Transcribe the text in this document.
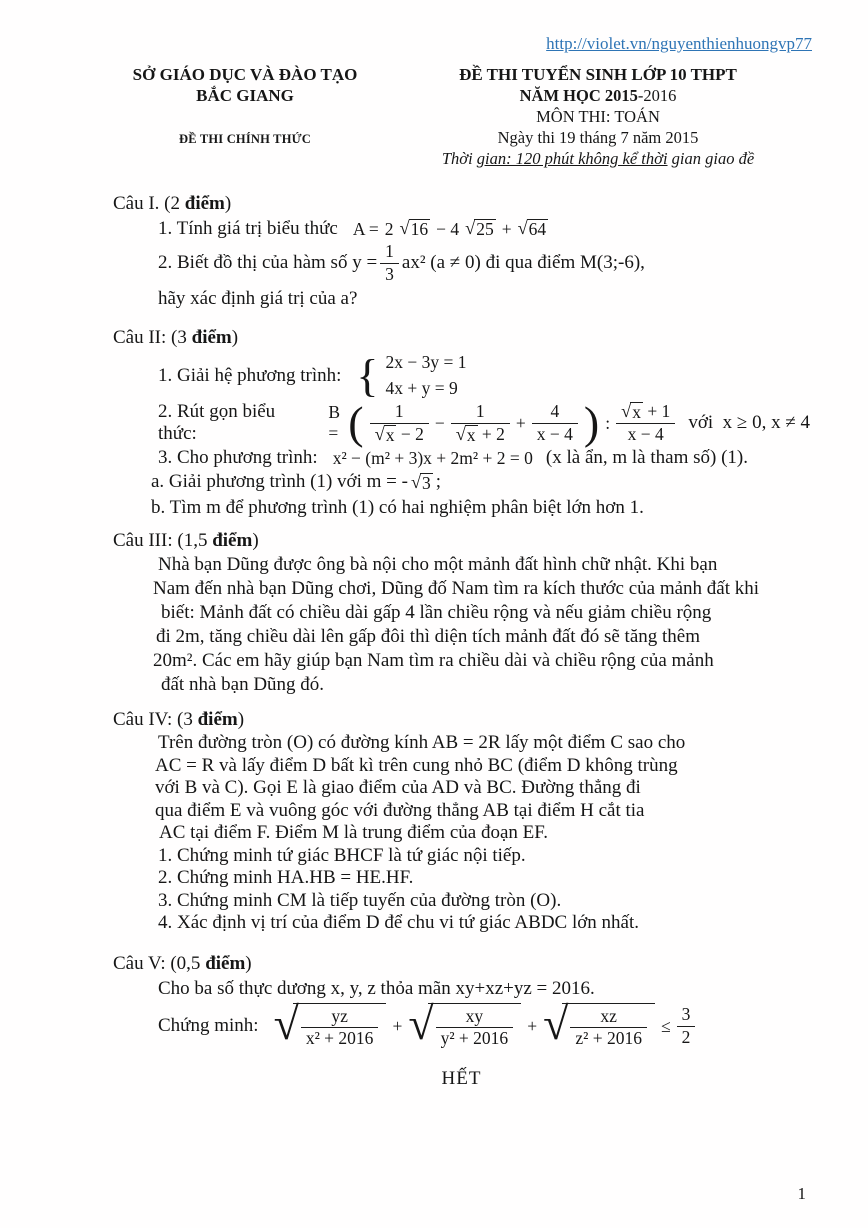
http://violet.vn/nguyenthienhuongvp77
SỞ GIÁO DỤC VÀ ĐÀO TẠO
BẮC GIANG
ĐỀ THI CHÍNH THỨC
ĐỀ THI TUYỂN SINH LỚP 10 THPT
NĂM HỌC 2015-2016
MÔN THI: TOÁN
Ngày thi 19 tháng 7 năm 2015
Thời gian: 120 phút không kể thời gian giao đề
Câu I. (2 điểm)
1. Tính giá trị biểu thức A = 2 √ 16 − 4 √ 25 + √ 64
2. Biết đồ thị của hàm số $y = \frac{1}{3} ax^2$ (a ≠ 0) đi qua điểm M(3;-6),
hãy xác định giá trị của a?
Câu II: (3 điểm)
1. Giải hệ phương trình: { 2x − 3y = 1
4x + y = 9
2. Rút gọn biểu thức:
B = ( $\frac{1}{√ x - 2} - \frac{1}{√ x + 2} + \frac{4}{x - 4}$ ) : $\frac{√ x + 1}{x - 4}$ với  x ≥ 0, x ≠ 4
3. Cho phương trình: x² − (m² + 3)x + 2m² + 2 = 0 (x là ẩn, m là tham số) (1).
a. Giải phương trình (1) với m = - √ 3 ;
b. Tìm m để phương trình (1) có hai nghiệm phân biệt lớn hơn 1.
Câu III: (1,5 điểm)
Nhà bạn Dũng được ông bà nội cho một mảnh đất hình chữ nhật. Khi bạn
Nam đến nhà bạn Dũng chơi, Dũng đố Nam tìm ra kích thước của mảnh đất khi
biết: Mảnh đất có chiều dài gấp 4 lần chiều rộng và nếu giảm chiều rộng
đi 2m, tăng chiều dài lên gấp đôi thì diện tích mảnh đất đó sẽ tăng thêm
20m². Các em hãy giúp bạn Nam tìm ra chiều dài và chiều rộng của mảnh
đất nhà bạn Dũng đó.
Câu IV: (3 điểm)
Trên đường tròn (O) có đường kính AB = 2R lấy một điểm C sao cho
AC = R và lấy điểm D bất kì trên cung nhỏ BC (điểm D không trùng
với B và C). Gọi E là giao điểm của AD và BC. Đường thẳng đi
qua điểm E và vuông góc với đường thẳng AB tại điểm H cắt tia
AC tại điểm F. Điểm M là trung điểm của đoạn EF.
1. Chứng minh tứ giác BHCF là tứ giác nội tiếp.
2. Chứng minh HA.HB = HE.HF.
3. Chứng minh CM là tiếp tuyến của đường tròn (O).
4. Xác định vị trí của điểm D để chu vi tứ giác ABDC lớn nhất.
Câu V: (0,5 điểm)
Cho ba số thực dương x, y, z thỏa mãn xy+xz+yz = 2016.
Chứng minh: √ $\frac{yz}{\text{x² + 2016}}$ + √ $\frac{xy}{\text{y² + 2016}}$ + √ $\frac{xz}{\text{z² + 2016}} \le \frac{3}{2}$
HẾT
1
